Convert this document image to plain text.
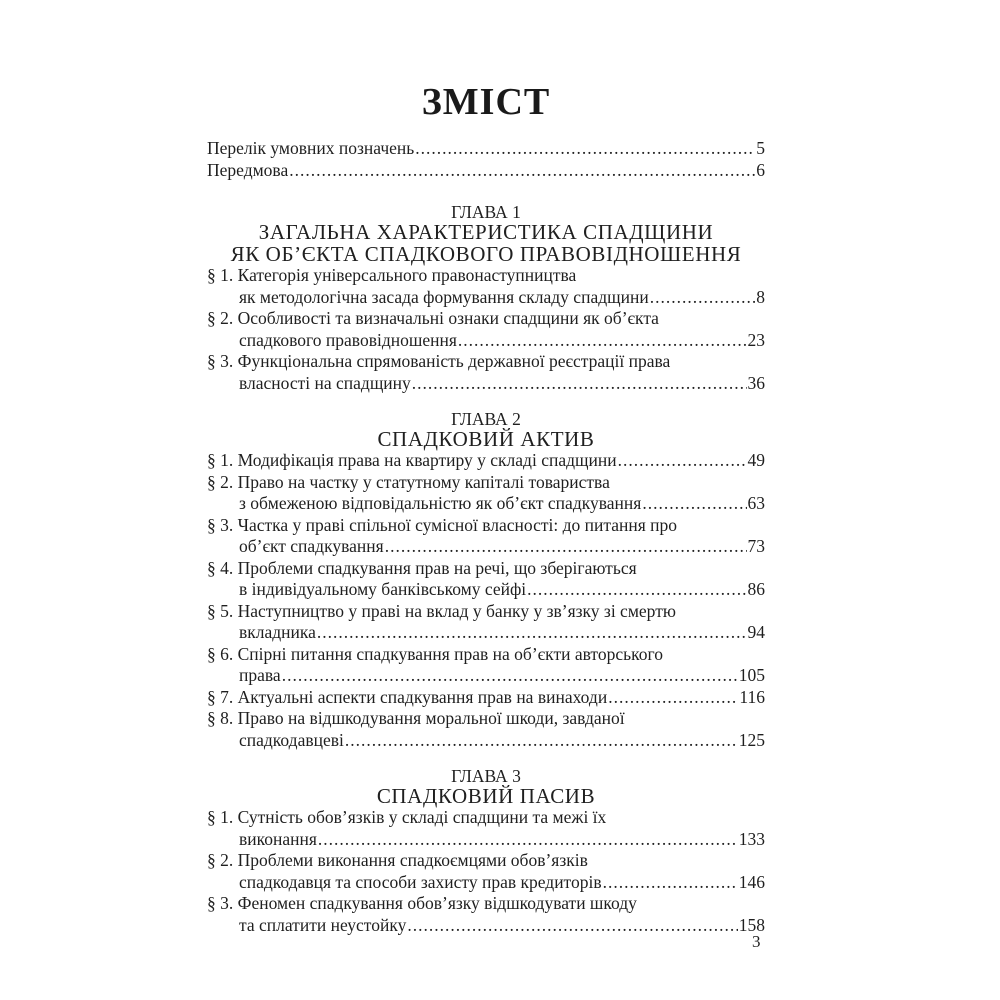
ЗМІСТ
Перелік умовних позначень .....	5
Передмова .....	6
ГЛАВА 1
ЗАГАЛЬНА ХАРАКТЕРИСТИКА СПАДЩИНИ
ЯК ОБ’ЄКТА СПАДКОВОГО ПРАВОВІДНОШЕННЯ
§ 1. Категорія універсального правонаступництва
як методологічна засада формування складу спадщини .....	8
§ 2. Особливості та визначальні ознаки спадщини як об’єкта
спадкового правовідношення .....	23
§ 3. Функціональна спрямованість державної реєстрації права
власності на спадщину .....	36
ГЛАВА 2
СПАДКОВИЙ АКТИВ
§ 1. Модифікація права на квартиру у складі спадщини .....	49
§ 2. Право на частку у статутному капіталі товариства
з обмеженою відповідальністю як об’єкт спадкування .....	63
§ 3. Частка у праві спільної сумісної власності: до питання про
об’єкт спадкування .....	73
§ 4. Проблеми спадкування прав на речі, що зберігаються
в індивідуальному банківському сейфі .....	86
§ 5. Наступництво у праві на вклад у банку у зв’язку зі смертю
вкладника .....	94
§ 6. Спірні питання спадкування прав на об’єкти авторського
права .....	105
§ 7. Актуальні аспекти спадкування прав на винаходи .....	116
§ 8. Право на відшкодування моральної шкоди, завданої
спадкодавцеві .....	125
ГЛАВА 3
СПАДКОВИЙ ПАСИВ
§ 1. Сутність обов’язків у складі спадщини та межі їх
виконання .....	133
§ 2. Проблеми виконання спадкоємцями обов’язків
спадкодавця та способи захисту прав кредиторів .....	146
§ 3. Феномен спадкування обов’язку відшкодувати шкоду
та сплатити неустойку .....	158
3
